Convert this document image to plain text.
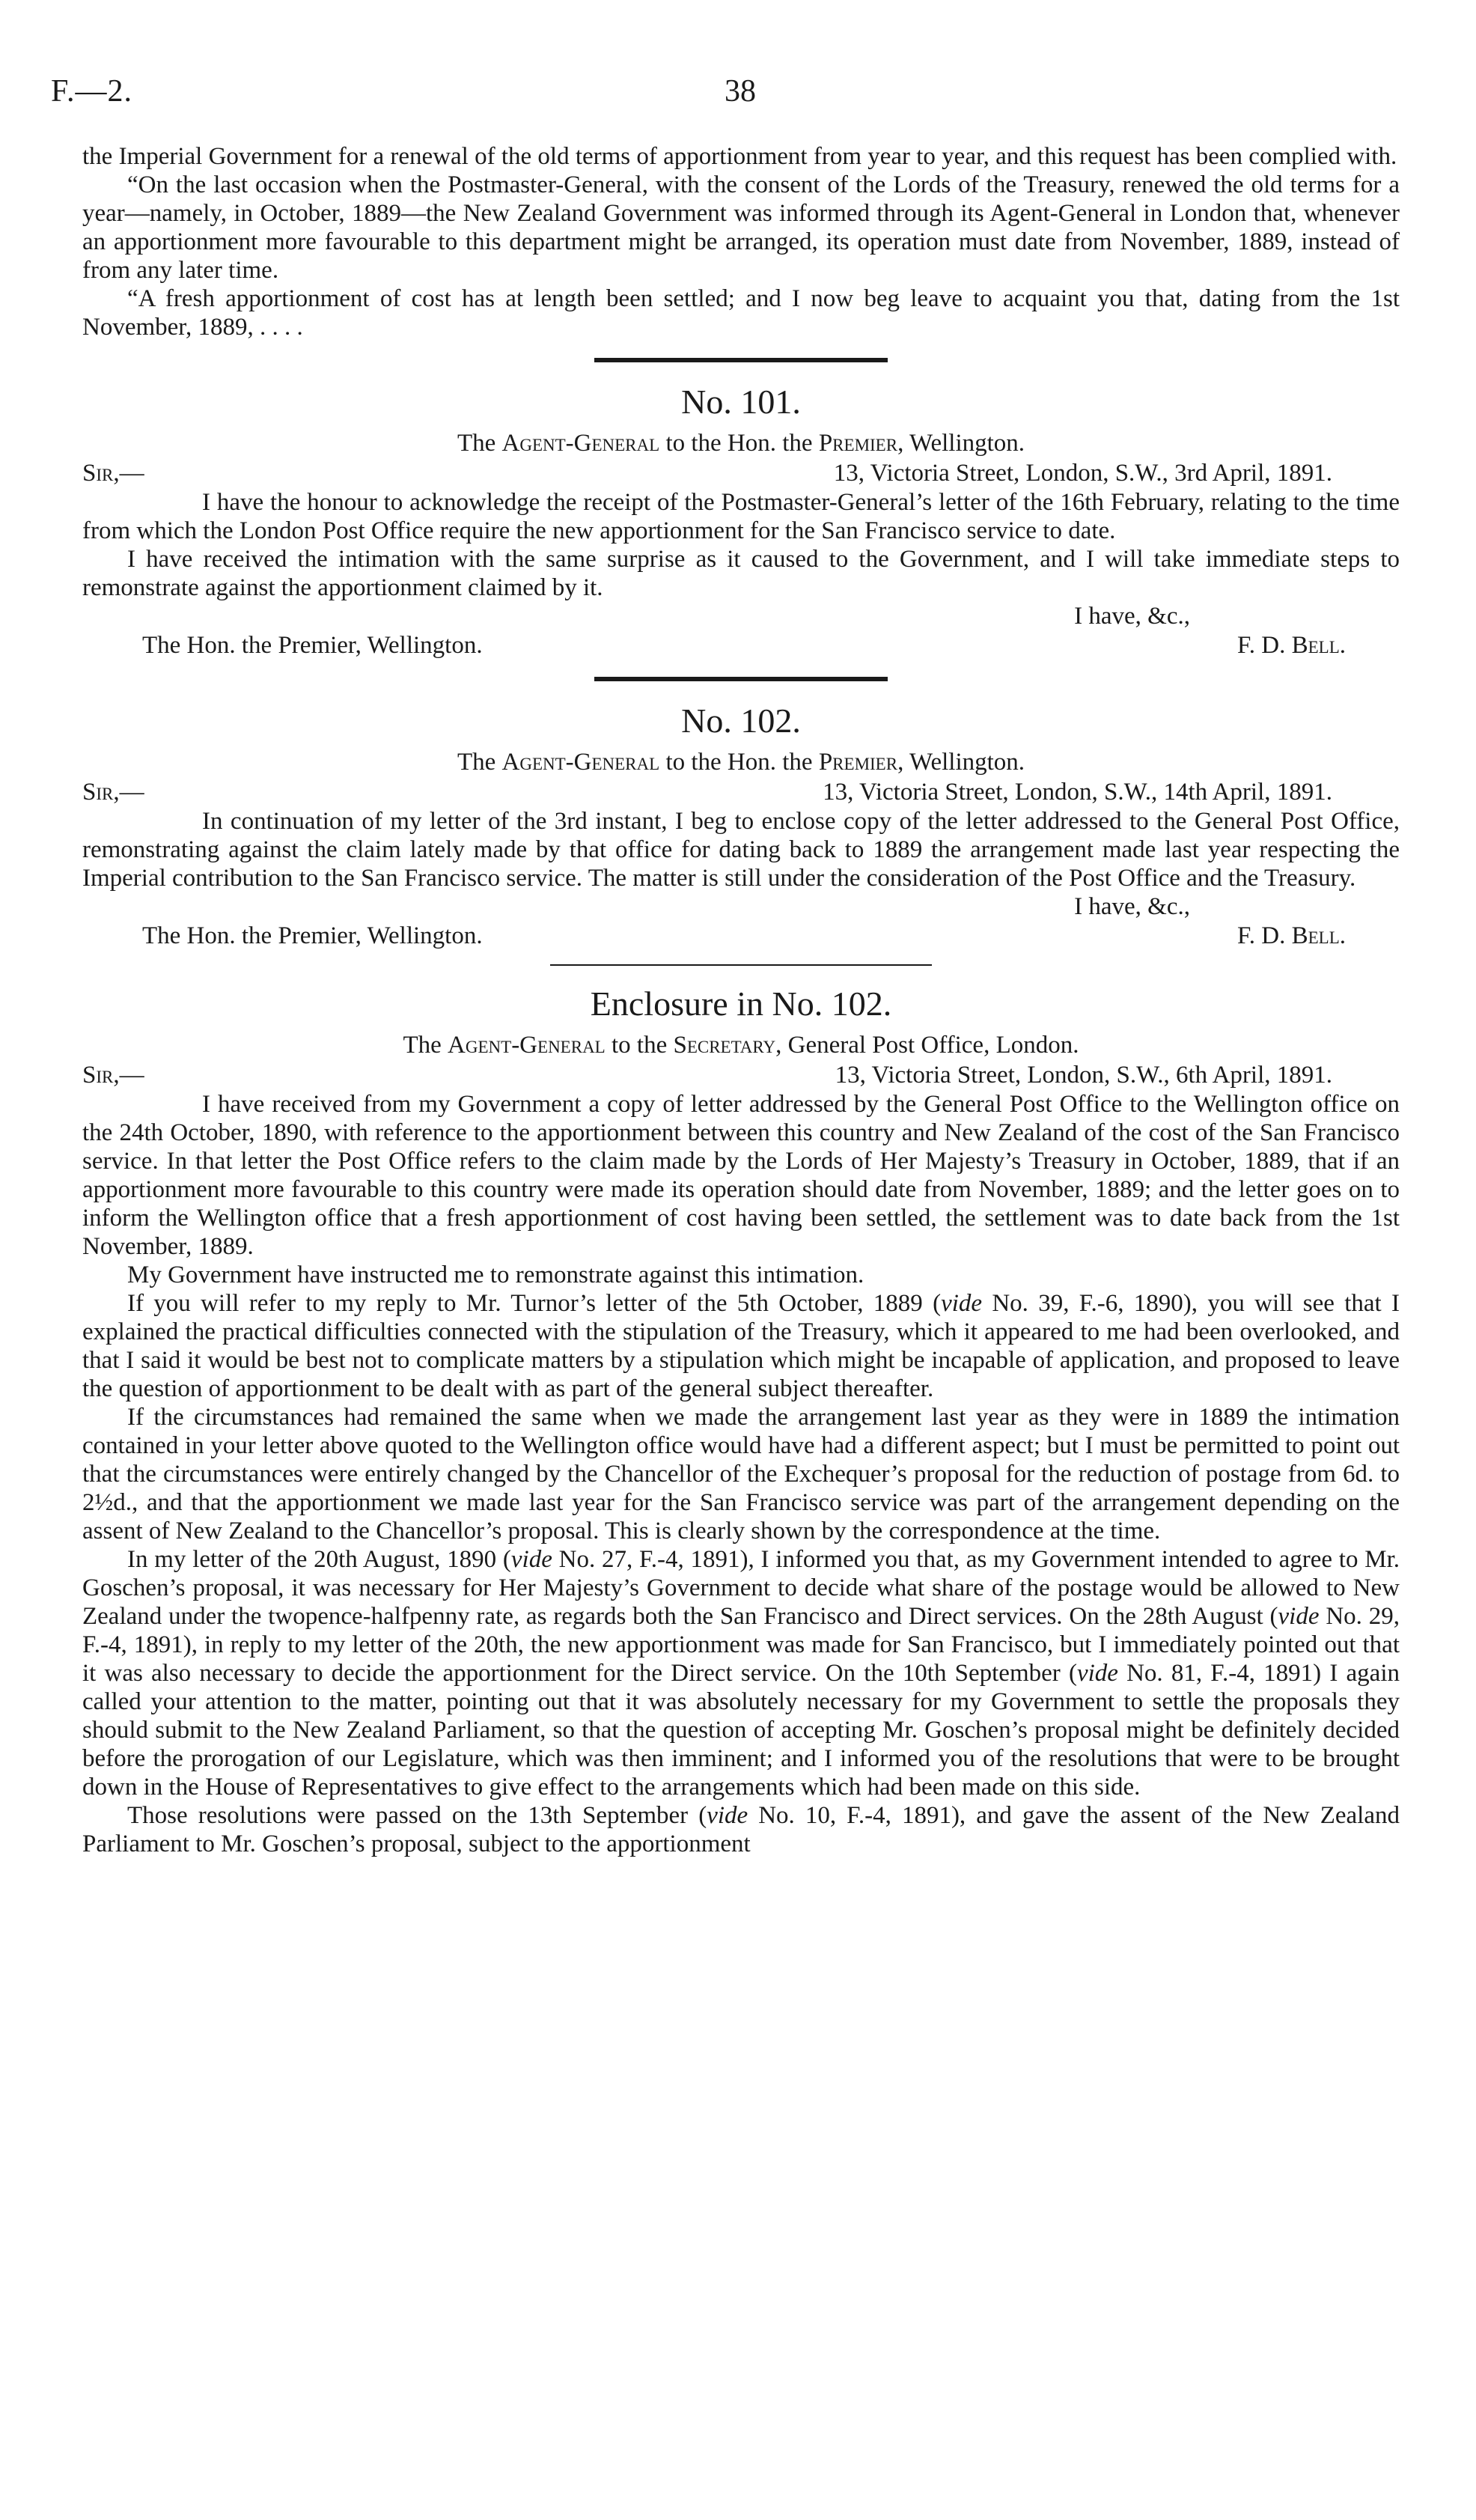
F.—2.	38

the Imperial Government for a renewal of the old terms of apportionment from year to year, and this request has been complied with.

“On the last occasion when the Postmaster-General, with the consent of the Lords of the Treasury, renewed the old terms for a year—namely, in October, 1889—the New Zealand Government was informed through its Agent-General in London that, whenever an apportionment more favourable to this department might be arranged, its operation must date from November, 1889, instead of from any later time.

“A fresh apportionment of cost has at length been settled; and I now beg leave to acquaint you that, dating from the 1st November, 1889, . . . .

No. 101.
The Agent-General to the Hon. the Premier, Wellington.
Sir,—	13, Victoria Street, London, S.W., 3rd April, 1891.

I have the honour to acknowledge the receipt of the Postmaster-General’s letter of the 16th February, relating to the time from which the London Post Office require the new apportionment for the San Francisco service to date.

I have received the intimation with the same surprise as it caused to the Government, and I will take immediate steps to remonstrate against the apportionment claimed by it.

I have, &c.,
The Hon. the Premier, Wellington.	F. D. Bell.
No. 102.
The Agent-General to the Hon. the Premier, Wellington.
Sir,—	13, Victoria Street, London, S.W., 14th April, 1891.

In continuation of my letter of the 3rd instant, I beg to enclose copy of the letter addressed to the General Post Office, remonstrating against the claim lately made by that office for dating back to 1889 the arrangement made last year respecting the Imperial contribution to the San Francisco service. The matter is still under the consideration of the Post Office and the Treasury.

I have, &c.,
The Hon. the Premier, Wellington.	F. D. Bell.
Enclosure in No. 102.
The Agent-General to the Secretary, General Post Office, London.
Sir,—	13, Victoria Street, London, S.W., 6th April, 1891.

I have received from my Government a copy of letter addressed by the General Post Office to the Wellington office on the 24th October, 1890, with reference to the apportionment between this country and New Zealand of the cost of the San Francisco service. In that letter the Post Office refers to the claim made by the Lords of Her Majesty’s Treasury in October, 1889, that if an apportionment more favourable to this country were made its operation should date from November, 1889; and the letter goes on to inform the Wellington office that a fresh apportionment of cost having been settled, the settlement was to date back from the 1st November, 1889.

My Government have instructed me to remonstrate against this intimation.

If you will refer to my reply to Mr. Turnor’s letter of the 5th October, 1889 (vide No. 39, F.-6, 1890), you will see that I explained the practical difficulties connected with the stipulation of the Treasury, which it appeared to me had been overlooked, and that I said it would be best not to complicate matters by a stipulation which might be incapable of application, and proposed to leave the question of apportionment to be dealt with as part of the general subject thereafter.

If the circumstances had remained the same when we made the arrangement last year as they were in 1889 the intimation contained in your letter above quoted to the Wellington office would have had a different aspect; but I must be permitted to point out that the circumstances were entirely changed by the Chancellor of the Exchequer’s proposal for the reduction of postage from 6d. to 2½d., and that the apportionment we made last year for the San Francisco service was part of the arrangement depending on the assent of New Zealand to the Chancellor’s proposal. This is clearly shown by the correspondence at the time.

In my letter of the 20th August, 1890 (vide No. 27, F.-4, 1891), I informed you that, as my Government intended to agree to Mr. Goschen’s proposal, it was necessary for Her Majesty’s Government to decide what share of the postage would be allowed to New Zealand under the twopence-halfpenny rate, as regards both the San Francisco and Direct services. On the 28th August (vide No. 29, F.-4, 1891), in reply to my letter of the 20th, the new apportionment was made for San Francisco, but I immediately pointed out that it was also necessary to decide the apportionment for the Direct service. On the 10th September (vide No. 81, F.-4, 1891) I again called your attention to the matter, pointing out that it was absolutely necessary for my Government to settle the proposals they should submit to the New Zealand Parliament, so that the question of accepting Mr. Goschen’s proposal might be definitely decided before the prorogation of our Legislature, which was then imminent; and I informed you of the resolutions that were to be brought down in the House of Representatives to give effect to the arrangements which had been made on this side.

Those resolutions were passed on the 13th September (vide No. 10, F.-4, 1891), and gave the assent of the New Zealand Parliament to Mr. Goschen’s proposal, subject to the apportionment
